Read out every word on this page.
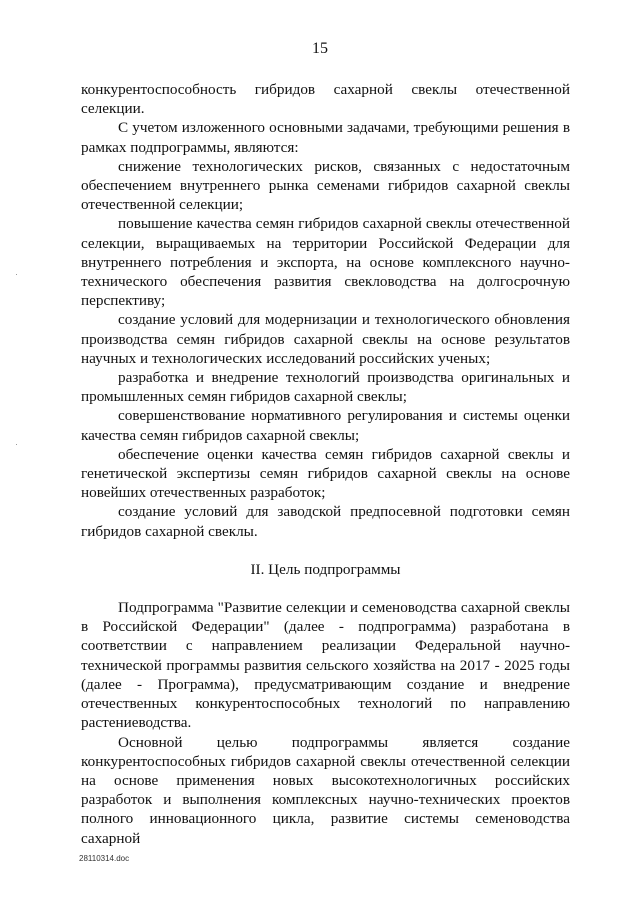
15

конкурентоспособность гибридов сахарной свеклы отечественной селекции.

С учетом изложенного основными задачами, требующими решения в рамках подпрограммы, являются:

снижение технологических рисков, связанных с недостаточным обеспечением внутреннего рынка семенами гибридов сахарной свеклы отечественной селекции;

повышение качества семян гибридов сахарной свеклы отечественной селекции, выращиваемых на территории Российской Федерации для внутреннего потребления и экспорта, на основе комплексного научно-технического обеспечения развития свекловодства на долгосрочную перспективу;

создание условий для модернизации и технологического обновления производства семян гибридов сахарной свеклы на основе результатов научных и технологических исследований российских ученых;

разработка и внедрение технологий производства оригинальных и промышленных семян гибридов сахарной свеклы;

совершенствование нормативного регулирования и системы оценки качества семян гибридов сахарной свеклы;

обеспечение оценки качества семян гибридов сахарной свеклы и генетической экспертизы семян гибридов сахарной свеклы на основе новейших отечественных разработок;

создание условий для заводской предпосевной подготовки семян гибридов сахарной свеклы.

II. Цель подпрограммы

Подпрограмма "Развитие селекции и семеноводства сахарной свеклы в Российской Федерации" (далее - подпрограмма) разработана в соответствии с направлением реализации Федеральной научно-технической программы развития сельского хозяйства на 2017 - 2025 годы (далее - Программа), предусматривающим создание и внедрение отечественных конкурентоспособных технологий по направлению растениеводства.

Основной целью подпрограммы является создание конкурентоспособных гибридов сахарной свеклы отечественной селекции на основе применения новых высокотехнологичных российских разработок и выполнения комплексных научно-технических проектов полного инновационного цикла, развитие системы семеноводства сахарной

28110314.doc
